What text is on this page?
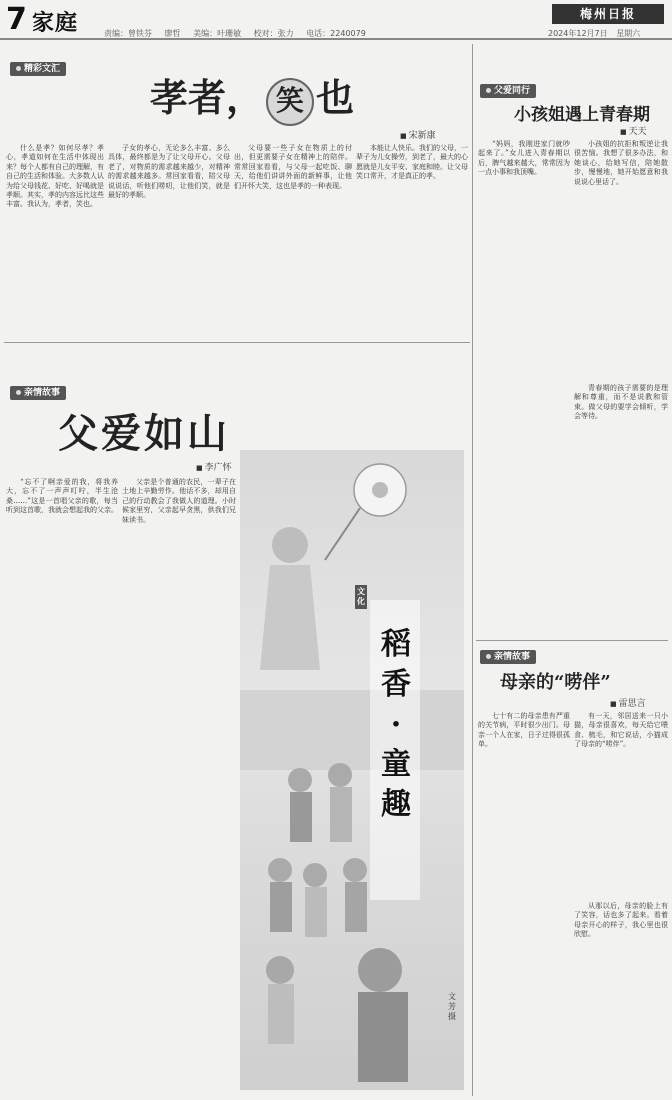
7 家庭	责编：曾铁芬 廖哲 美编：叶珊敏 校对：张力 电话：2240079
梅州日报
2024年12月7日 星期六
精彩文汇
孝者， 笑 也
■ 宋新康
什么是孝？如何尽孝？孝心，孝道如何在生活中体现出来？每个人都有自己的理解，有自己的生活和体验。大多数人认为给父母钱花、好吃、好喝就是孝顺。其实，孝的内容远比这些丰富。我认为，孝者，笑也。
子女的孝心，无论多么丰富、多么具体，最终都是为了让父母开心。父母老了，对物质的需求越来越少，对精神的需求越来越多。常回家看看，陪父母说说话，听他们唠叨，让他们笑，就是最好的孝顺。
父母要一些子女在物质上的付出，但更需要子女在精神上的陪伴。常常回家看看，与父母一起吃饭、聊天，给他们讲讲外面的新鲜事，让他们开怀大笑，这也是孝的一种表现。
本能让人快乐。我们的父母，一辈子为儿女操劳，到老了，最大的心愿就是儿女平安、家庭和睦。让父母笑口常开，才是真正的孝。
父爱同行
小孩姐遇上青春期
■ 天天
“妈妈，我刚进家门就吵起来了。”女儿进入青春期以后，脾气越来越大，常常因为一点小事和我顶嘴。
小孩姐的抗拒和叛逆让我很苦恼。我想了很多办法，和她谈心，给她写信，陪她散步，慢慢地，她开始愿意和我说说心里话了。
青春期的孩子需要的是理解和尊重，而不是说教和管束。做父母的要学会倾听，学会等待。
亲情故事
父爱如山
■ 李广怀
“忘不了啊亲爱的我，将我养大，忘不了一声声叮咛，半生沧桑……”这是一首唱父亲的歌，每当听到这首歌，我就会想起我的父亲。
父亲是个普通的农民，一辈子在土地上辛勤劳作。他话不多，却用自己的行动教会了我做人的道理。小时候家里穷，父亲起早贪黑，供我们兄妹读书。
文化
稻香·童趣
文芳摄
亲情故事
母亲的“唠伴”
■ 雷思言
七十有二的母亲患有严重的关节病，平时很少出门。母亲一个人在家，日子过得很孤单。
有一天，邻居送来一只小猫，母亲很喜欢，每天给它喂食、梳毛，和它说话，小猫成了母亲的“唠伴”。
从那以后，母亲的脸上有了笑容，话也多了起来。看着母亲开心的样子，我心里也很欣慰。
